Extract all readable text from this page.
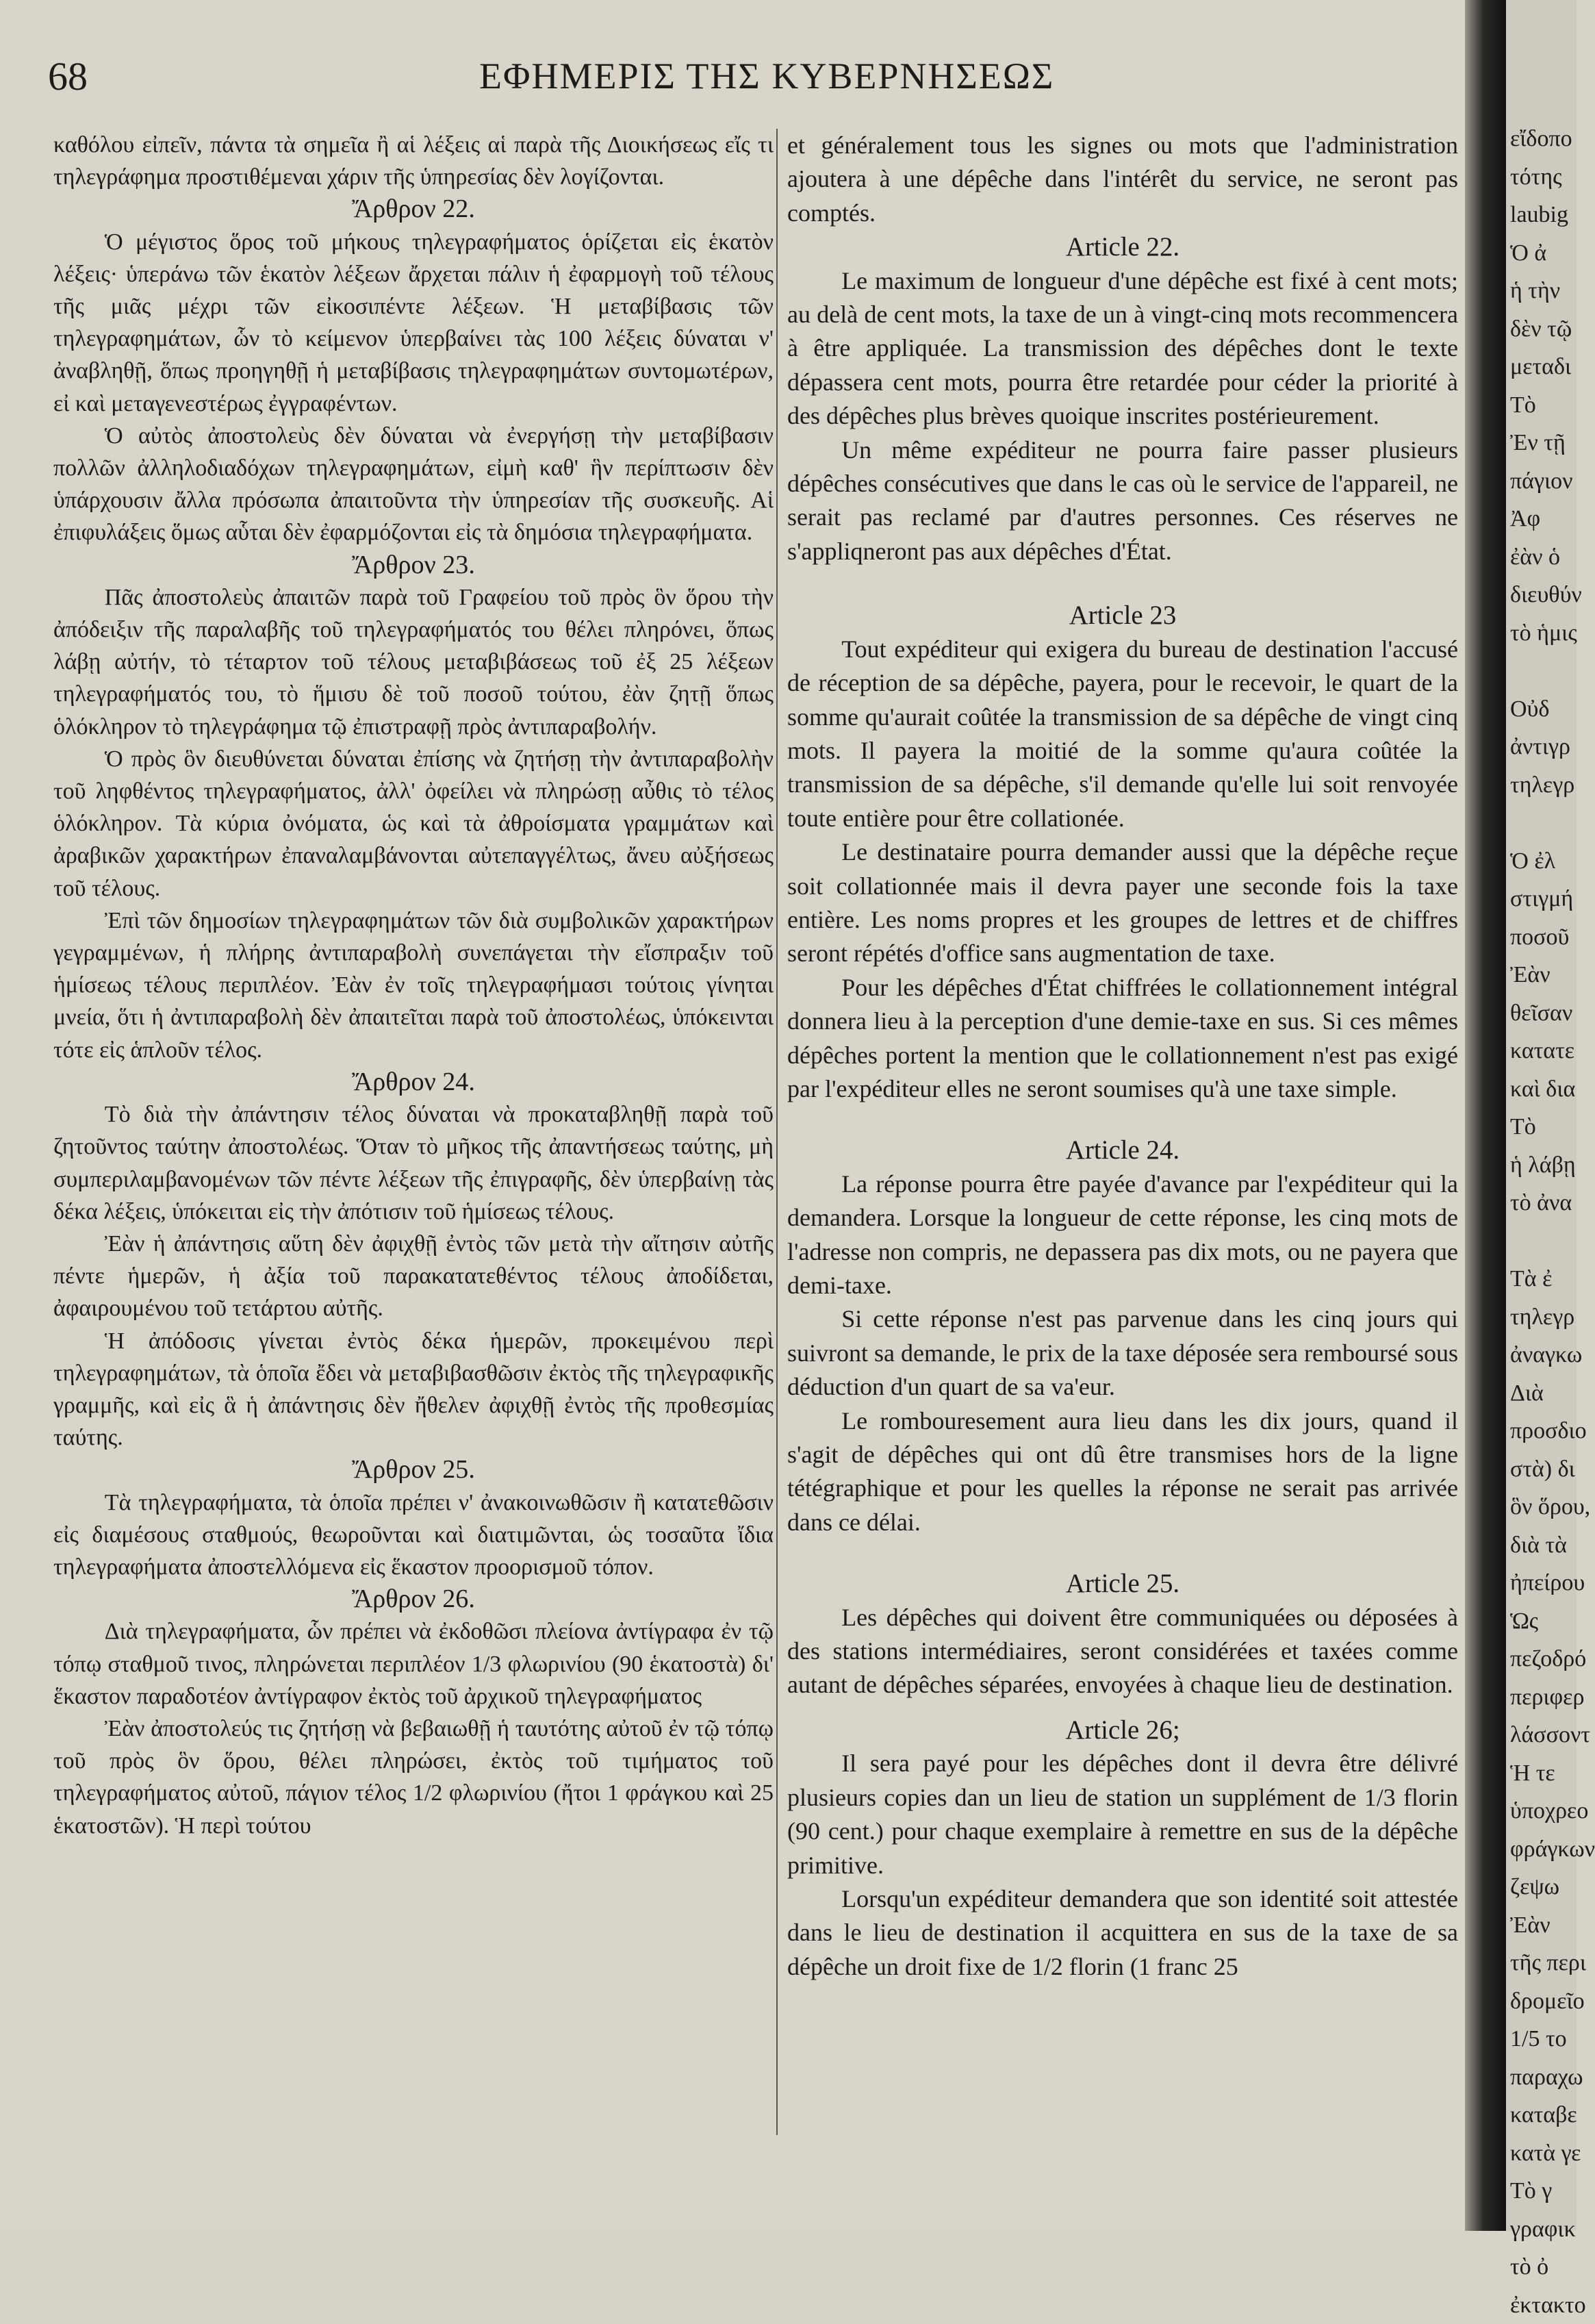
68	ΕΦΗΜΕΡΙΣ ΤΗΣ ΚΥΒΕΡΝΗΣΕΩΣ

καθόλου εἰπεῖν, πάντα τὰ σημεῖα ἢ αἱ λέξεις αἱ παρὰ τῆς Διοικήσεως εἴς τι τηλεγράφημα προστιθέμεναι χάριν τῆς ὑπηρεσίας δὲν λογίζονται.

Ἄρθρον 22.

Ὁ μέγιστος ὅρος τοῦ μήκους τηλεγραφήματος ὁρίζεται εἰς ἑκατὸν λέξεις· ὑπεράνω τῶν ἑκατὸν λέξεων ἄρχεται πάλιν ἡ ἐφαρμογὴ τοῦ τέλους τῆς μιᾶς μέχρι τῶν εἰκοσιπέντε λέξεων. Ἡ μεταβίβασις τῶν τηλεγραφημάτων, ὧν τὸ κείμενον ὑπερβαίνει τὰς 100 λέξεις δύναται ν' ἀναβληθῇ, ὅπως προηγηθῇ ἡ μεταβίβασις τηλεγραφημάτων συντομωτέρων, εἰ καὶ μεταγενεστέρως ἐγγραφέντων.

Ὁ αὐτὸς ἀποστολεὺς δὲν δύναται νὰ ἐνεργήσῃ τὴν μεταβίβασιν πολλῶν ἀλληλοδιαδόχων τηλεγραφημάτων, εἰμὴ καθ' ἣν περίπτωσιν δὲν ὑπάρχουσιν ἄλλα πρόσωπα ἀπαιτοῦντα τὴν ὑπηρεσίαν τῆς συσκευῆς. Αἱ ἐπιφυλάξεις ὅμως αὗται δὲν ἐφαρμόζονται εἰς τὰ δημόσια τηλεγραφήματα.

Ἄρθρον 23.

Πᾶς ἀποστολεὺς ἀπαιτῶν παρὰ τοῦ Γραφείου τοῦ πρὸς ὃν ὅρου τὴν ἀπόδειξιν τῆς παραλαβῆς τοῦ τηλεγραφήματός του θέλει πληρόνει, ὅπως λάβῃ αὐτήν, τὸ τέταρτον τοῦ τέλους μεταβιβάσεως τοῦ ἐξ 25 λέξεων τηλεγραφήματός του, τὸ ἥμισυ δὲ τοῦ ποσοῦ τούτου, ἐὰν ζητῇ ὅπως ὁλόκληρον τὸ τηλεγράφημα τῷ ἐπιστραφῇ πρὸς ἀντιπαραβολήν.

Ὁ πρὸς ὃν διευθύνεται δύναται ἐπίσης νὰ ζητήσῃ τὴν ἀντιπαραβολὴν τοῦ ληφθέντος τηλεγραφήματος, ἀλλ' ὀφείλει νὰ πληρώσῃ αὖθις τὸ τέλος ὁλόκληρον. Τὰ κύρια ὀνόματα, ὡς καὶ τὰ ἀθροίσματα γραμμάτων καὶ ἀραβικῶν χαρακτήρων ἐπαναλαμβάνονται αὐτεπαγγέλτως, ἄνευ αὐξήσεως τοῦ τέλους.

Ἐπὶ τῶν δημοσίων τηλεγραφημάτων τῶν διὰ συμβολικῶν χαρακτήρων γεγραμμένων, ἡ πλήρης ἀντιπαραβολὴ συνεπάγεται τὴν εἴσπραξιν τοῦ ἡμίσεως τέλους περιπλέον. Ἐὰν ἐν τοῖς τηλεγραφήμασι τούτοις γίνηται μνεία, ὅτι ἡ ἀντιπαραβολὴ δὲν ἀπαιτεῖται παρὰ τοῦ ἀποστολέως, ὑπόκεινται τότε εἰς ἁπλοῦν τέλος.

Ἄρθρον 24.

Τὸ διὰ τὴν ἀπάντησιν τέλος δύναται νὰ προκαταβληθῇ παρὰ τοῦ ζητοῦντος ταύτην ἀποστολέως. Ὅταν τὸ μῆκος τῆς ἀπαντήσεως ταύτης, μὴ συμπεριλαμβανομένων τῶν πέντε λέξεων τῆς ἐπιγραφῆς, δὲν ὑπερβαίνῃ τὰς δέκα λέξεις, ὑπόκειται εἰς τὴν ἀπότισιν τοῦ ἡμίσεως τέλους.

Ἐὰν ἡ ἀπάντησις αὕτη δὲν ἀφιχθῇ ἐντὸς τῶν μετὰ τὴν αἴτησιν αὐτῆς πέντε ἡμερῶν, ἡ ἀξία τοῦ παρακατατεθέντος τέλους ἀποδίδεται, ἀφαιρουμένου τοῦ τετάρτου αὐτῆς.

Ἡ ἀπόδοσις γίνεται ἐντὸς δέκα ἡμερῶν, προκειμένου περὶ τηλεγραφημάτων, τὰ ὁποῖα ἔδει νὰ μεταβιβασθῶσιν ἐκτὸς τῆς τηλεγραφικῆς γραμμῆς, καὶ εἰς ἃ ἡ ἀπάντησις δὲν ἤθελεν ἀφιχθῇ ἐντὸς τῆς προθεσμίας ταύτης.

Ἄρθρον 25.

Τὰ τηλεγραφήματα, τὰ ὁποῖα πρέπει ν' ἀνακοινωθῶσιν ἢ κατατεθῶσιν εἰς διαμέσους σταθμούς, θεωροῦνται καὶ διατιμῶνται, ὡς τοσαῦτα ἴδια τηλεγραφήματα ἀποστελλόμενα εἰς ἕκαστον προορισμοῦ τόπον.

Ἄρθρον 26.

Διὰ τηλεγραφήματα, ὧν πρέπει νὰ ἐκδοθῶσι πλείονα ἀντίγραφα ἐν τῷ τόπῳ σταθμοῦ τινος, πληρώνεται περιπλέον 1/3 φλωρινίου (90 ἑκατοστὰ) δι' ἕκαστον παραδοτέον ἀντίγραφον ἐκτὸς τοῦ ἀρχικοῦ τηλεγραφήματος

Ἐὰν ἀποστολεύς τις ζητήσῃ νὰ βεβαιωθῇ ἡ ταυτότης αὐτοῦ ἐν τῷ τόπῳ τοῦ πρὸς ὃν ὅρου, θέλει πληρώσει, ἐκτὸς τοῦ τιμήματος τοῦ τηλεγραφήματος αὐτοῦ, πάγιον τέλος 1/2 φλωρινίου (ἤτοι 1 φράγκου καὶ 25 ἑκατοστῶν). Ἡ περὶ τούτου

et généralement tous les signes ou mots que l'administration ajoutera à une dépêche dans l'intérêt du service, ne seront pas comptés.

Article 22.

Le maximum de longueur d'une dépêche est fixé à cent mots; au delà de cent mots, la taxe de un à vingt-cinq mots recommencera à être appliquée. La transmission des dépêches dont le texte dépassera cent mots, pourra être retardée pour céder la priorité à des dépêches plus brèves quoique inscrites postérieurement.

Un même expéditeur ne pourra faire passer plusieurs dépêches consécutives que dans le cas où le service de l'appareil, ne serait pas reclamé par d'autres personnes. Ces réserves ne s'appliqneront pas aux dépêches d'État.

Article 23

Tout expéditeur qui exigera du bureau de destination l'accusé de réception de sa dépêche, payera, pour le recevoir, le quart de la somme qu'aurait coûtée la transmission de sa dépêche de vingt cinq mots. Il payera la moitié de la somme qu'aura coûtée la transmission de sa dépêche, s'il demande qu'elle lui soit renvoyée toute entière pour être collationée.

Le destinataire pourra demander aussi que la dépêche reçue soit collationnée mais il devra payer une seconde fois la taxe entière. Les noms propres et les groupes de lettres et de chiffres seront répétés d'office sans augmentation de taxe.

Pour les dépêches d'État chiffrées le collationnement intégral donnera lieu à la perception d'une demie-taxe en sus. Si ces mêmes dépêches portent la mention que le collationnement n'est pas exigé par l'expéditeur elles ne seront soumises qu'à une taxe simple.

Article 24.

La réponse pourra être payée d'avance par l'expéditeur qui la demandera. Lorsque la longueur de cette réponse, les cinq mots de l'adresse non compris, ne depassera pas dix mots, ou ne payera que demi-taxe.

Si cette réponse n'est pas parvenue dans les cinq jours qui suivront sa demande, le prix de la taxe déposée sera remboursé sous déduction d'un quart de sa va'eur.

Le rombouresement aura lieu dans les dix jours, quand il s'agit de dépêches qui ont dû être transmises hors de la ligne tétégraphique et pour les quelles la réponse ne serait pas arrivée dans ce délai.

Article 25.

Les dépêches qui doivent être communiquées ou déposées à des stations intermédiaires, seront considérées et taxées comme autant de dépêches séparées, envoyées à chaque lieu de destination.

Article 26;

Il sera payé pour les dépêches dont il devra être délivré plusieurs copies dan un lieu de station un supplément de 1/3 florin (90 cent.) pour chaque exemplaire à remettre en sus de la dépêche primitive.

Lorsqu'un expéditeur demandera que son identité soit attestée dans le lieu de destination il acquittera en sus de la taxe de sa dépêche un droit fixe de 1/2 florin (1 franc 25

εἴδοπο
τότης
laubig
Ὁ ἀ
ἡ τὴν
δὲν τῷ
μεταδι
Τὸ
Ἐν τῇ
πάγιον
Ἀφ
ἐὰν ὁ
διευθύν
τὸ ἡμις

Οὐδ
ἀντιγρ
τηλεγρ

Ὁ ἐλ
στιγμή
ποσοῦ
Ἐὰν
θεῖσαν
κατατε
καὶ δια
Τὸ
ἡ λάβῃ
τὸ ἀνα

Τὰ ἐ
τηλεγρ
ἀναγκω
Διὰ
προσδιο
στὰ) δι
ὃν ὅρου,
διὰ τὰ
ἠπείρου
Ὡς
πεζοδρό
περιφερ
λάσσοντ
Ἡ τε
ὑποχρεο
φράγκων
ζεψω
Ἐὰν
τῆς περι
δρομεῖο
1/5 το
παραχω
καταβε
κατὰ γε
Τὸ γ
γραφικ
τὸ ὀ
ἐκτακτο
